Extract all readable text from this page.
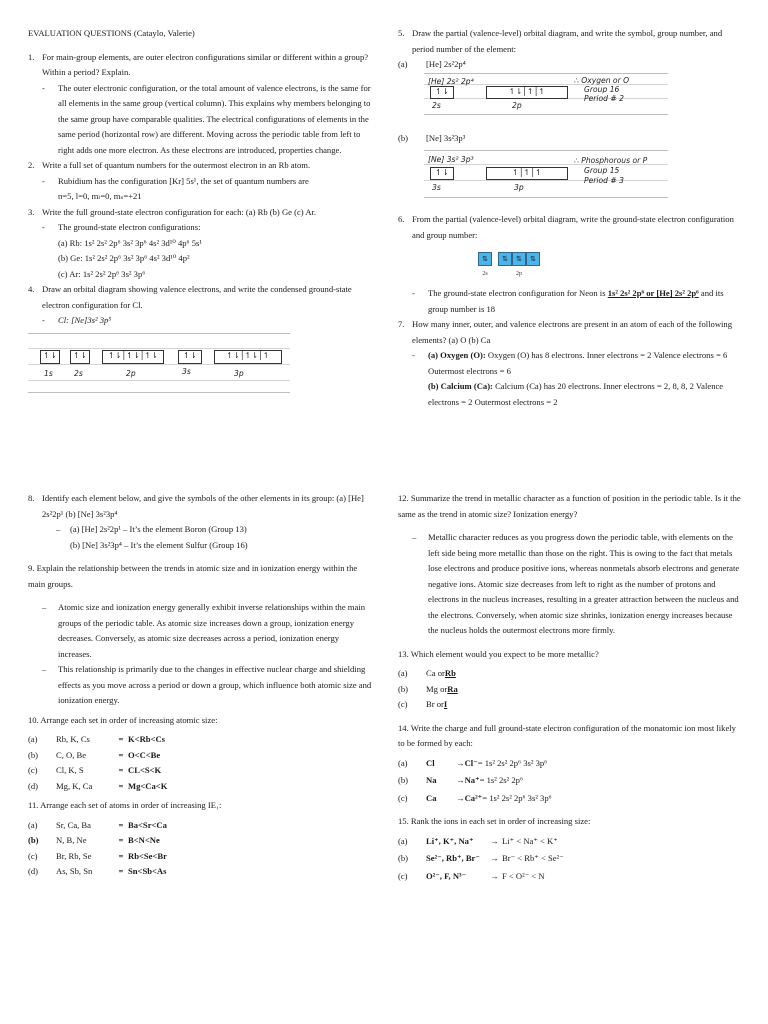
EVALUATION QUESTIONS (Cataylo, Valerie)

1. For main-group elements, are outer electron configurations similar or different within a group? Within a period? Explain.

-	The outer electronic configuration, or the total amount of valence electrons, is the same for all elements in the same group (vertical column). This explains why members belonging to the same group have comparable qualities. The electrical configurations of elements in the same period (horizontal row) are different. Moving across the periodic table from left to right adds one more electron. As these electrons are introduced, properties change.

2. Write a full set of quantum numbers for the outermost electron in an Rb atom.

-	Rubidium has the configuration [Kr] 5s¹, the set of quantum numbers are

n=5, l=0, mₗ=0, mₛ=+21

3. Write the full ground-state electron configuration for each: (a) Rb (b) Ge (c) Ar.

-	The ground-state electron configurations:

(a) Rb: 1s² 2s² 2p⁶ 3s² 3p⁶ 4s² 3d¹⁰ 4p⁶ 5s¹

(b) Ge: 1s² 2s² 2p⁶ 3s² 3p⁶ 4s² 3d¹⁰ 4p²

(c) Ar: 1s² 2s² 2p⁶ 3s² 3p⁶

4. Draw an orbital diagram showing valence electrons, and write the condensed ground-state electron configuration for Cl.

-	Cl: [Ne]3s² 3p⁵

↿⇂	↿⇂	↿⇂│↿⇂│↿⇂	↿⇂	↿⇂│↿⇂│↿
1s	2s	2p	3s	3p
5. Draw the partial (valence-level) orbital diagram, and write the symbol, group number, and period number of the element:

(a)	[He] 2s²2p⁴

[He] 2s² 2p⁴
↿⇂	↿⇂│↿│↿
2s	2p
∴ Oxygen or O
Group 16
Period # 2
(b)	[Ne] 3s²3p³

[Ne] 3s² 3p³
↿⇂	↿│↿│↿
3s	3p
∴ Phosphorous or P
Group 15
Period # 3
6. From the partial (valence-level) orbital diagram, write the ground-state electron configuration and group number:

⇅
2s
⇅	⇅	⇅
2p
-	The ground-state electron configuration for Neon is 1s² 2s² 2p⁶ or [He] 2s² 2p⁶ and its group number is 18

7. How many inner, outer, and valence electrons are present in an atom of each of the following elements? (a) O (b) Ca

-	(a) Oxygen (O): Oxygen (O) has 8 electrons. Inner electrons = 2 Valence electrons = 6 Outermost electrons = 6

(b) Calcium (Ca): Calcium (Ca) has 20 electrons. Inner electrons = 2, 8, 8, 2 Valence electrons = 2 Outermost electrons = 2

8. Identify each element below, and give the symbols of the other elements in its group: (a) [He] 2s²2p¹ (b) [Ne] 3s²3p⁴

–	(a) [He] 2s²2p¹ – It’s the element Boron (Group 13)

(b) [Ne] 3s²3p⁴ – It’s the element Sulfur (Group 16)

9. Explain the relationship between the trends in atomic size and in ionization energy within the main groups.

–	Atomic size and ionization energy generally exhibit inverse relationships within the main groups of the periodic table. As atomic size increases down a group, ionization energy decreases. Conversely, as atomic size decreases across a period, ionization energy increases.

–	This relationship is primarily due to the changes in effective nuclear charge and shielding effects as you move across a period or down a group, which influence both atomic size and ionization energy.

10. Arrange each set in order of increasing atomic size:

(a)	Rb, K, Cs	= K<Rb<Cs
(b)	C, O, Be	= O<C<Be
(c)	Cl, K, S	= CL<S<K
(d)	Mg, K, Ca	= Mg<Ca<K

11. Arrange each set of atoms in order of increasing IE₁:

(a)	Sr, Ca, Ba	= Ba<Sr<Ca
(b)	N, B, Ne	= B<N<Ne
(c)	Br, Rb, Se	= Rb<Se<Br
(d)	As, Sb, Sn	= Sn<Sb<As

12. Summarize the trend in metallic character as a function of position in the periodic table. Is it the same as the trend in atomic size? Ionization energy?

–	Metallic character reduces as you progress down the periodic table, with elements on the left side being more metallic than those on the right. This is owing to the fact that metals lose electrons and produce positive ions, whereas nonmetals absorb electrons and generate negative ions. Atomic size decreases from left to right as the number of protons and electrons in the nucleus increases, resulting in a greater attraction between the nucleus and the electrons. Conversely, when atomic size shrinks, ionization energy increases because the nucleus holds the outermost electrons more firmly.

13. Which element would you expect to be more metallic?

(a)	Ca or Rb
(b)	Mg or Ra
(c)	Br or I

14. Write the charge and full ground-state electron configuration of the monatomic ion most likely to be formed by each:

(a)	Cl	→ Cl⁻ = 1s² 2s² 2p⁶ 3s² 3p⁶
(b)	Na	→ Na⁺ = 1s² 2s² 2p⁶
(c)	Ca	→ Ca²⁺ = 1s² 2s² 2p⁶ 3s² 3p⁶

15. Rank the ions in each set in order of increasing size:

(a)	Li⁺, K⁺, Na⁺	→ Li⁺ < Na⁺ < K⁺
(b)	Se²⁻, Rb⁺, Br⁻	→ Br⁻ < Rb⁺ < Se²⁻
(c)	O²⁻, F, N³⁻	→ F < O²⁻ < N
